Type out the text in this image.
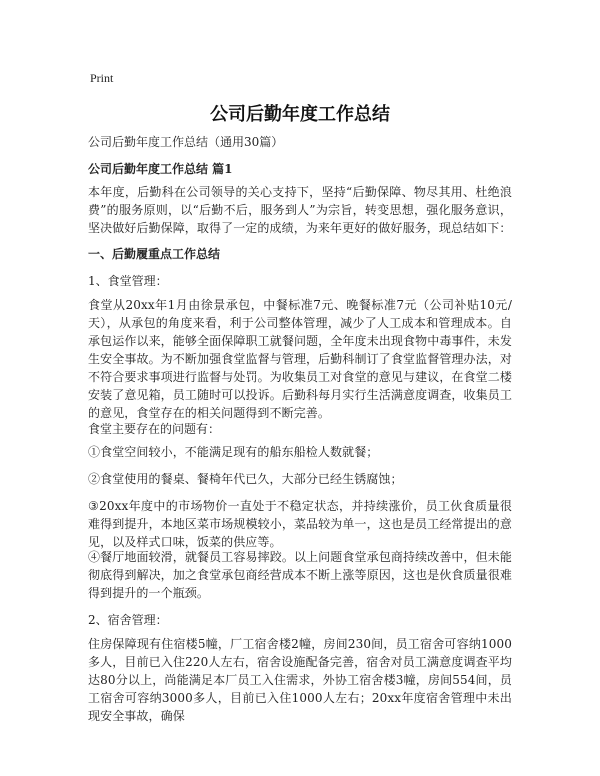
Print
公司后勤年度工作总结
公司后勤年度工作总结（通用30篇）
公司后勤年度工作总结 篇1

本年度，后勤科在公司领导的关心支持下，坚持“后勤保障、物尽其用、杜绝浪费”的服务原则，以“后勤不后，服务到人”为宗旨，转变思想，强化服务意识，坚决做好后勤保障，取得了一定的成绩，为来年更好的做好服务，现总结如下：

一、后勤履重点工作总结
1、食堂管理：

食堂从20xx年1月由徐景承包，中餐标准7元、晚餐标准7元（公司补贴10元/天），从承包的角度来看，利于公司整体管理，减少了人工成本和管理成本。自承包运作以来，能够全面保障职工就餐问题，全年度未出现食物中毒事件，未发生安全事故。为不断加强食堂监督与管理，后勤科制订了食堂监督管理办法，对不符合要求事项进行监督与处罚。为收集员工对食堂的意见与建议，在食堂二楼安装了意见箱，员工随时可以投诉。后勤科每月实行生活满意度调查，收集员工的意见，食堂存在的相关问题得到不断完善。

食堂主要存在的问题有：

①食堂空间较小，不能满足现有的船东船检人数就餐；

②食堂使用的餐桌、餐椅年代已久，大部分已经生锈腐蚀；

③20xx年度中的市场物价一直处于不稳定状态，并持续涨价，员工伙食质量很难得到提升，本地区菜市场规模较小，菜品较为单一，这也是员工经常提出的意见，以及样式口味，饭菜的供应等。

④餐厅地面较滑，就餐员工容易摔跤。以上问题食堂承包商持续改善中，但未能彻底得到解决，加之食堂承包商经营成本不断上涨等原因，这也是伙食质量很难得到提升的一个瓶颈。

2、宿舍管理：

住房保障现有住宿楼5幢，厂工宿舍楼2幢，房间230间，员工宿舍可容纳1000多人，目前已入住220人左右，宿舍设施配备完善，宿舍对员工满意度调查平均达80分以上，尚能满足本厂员工入住需求，外协工宿舍楼3幢，房间554间，员工宿舍可容纳3000多人，目前已入住1000人左右；20xx年度宿舍管理中未出现安全事故，确保
